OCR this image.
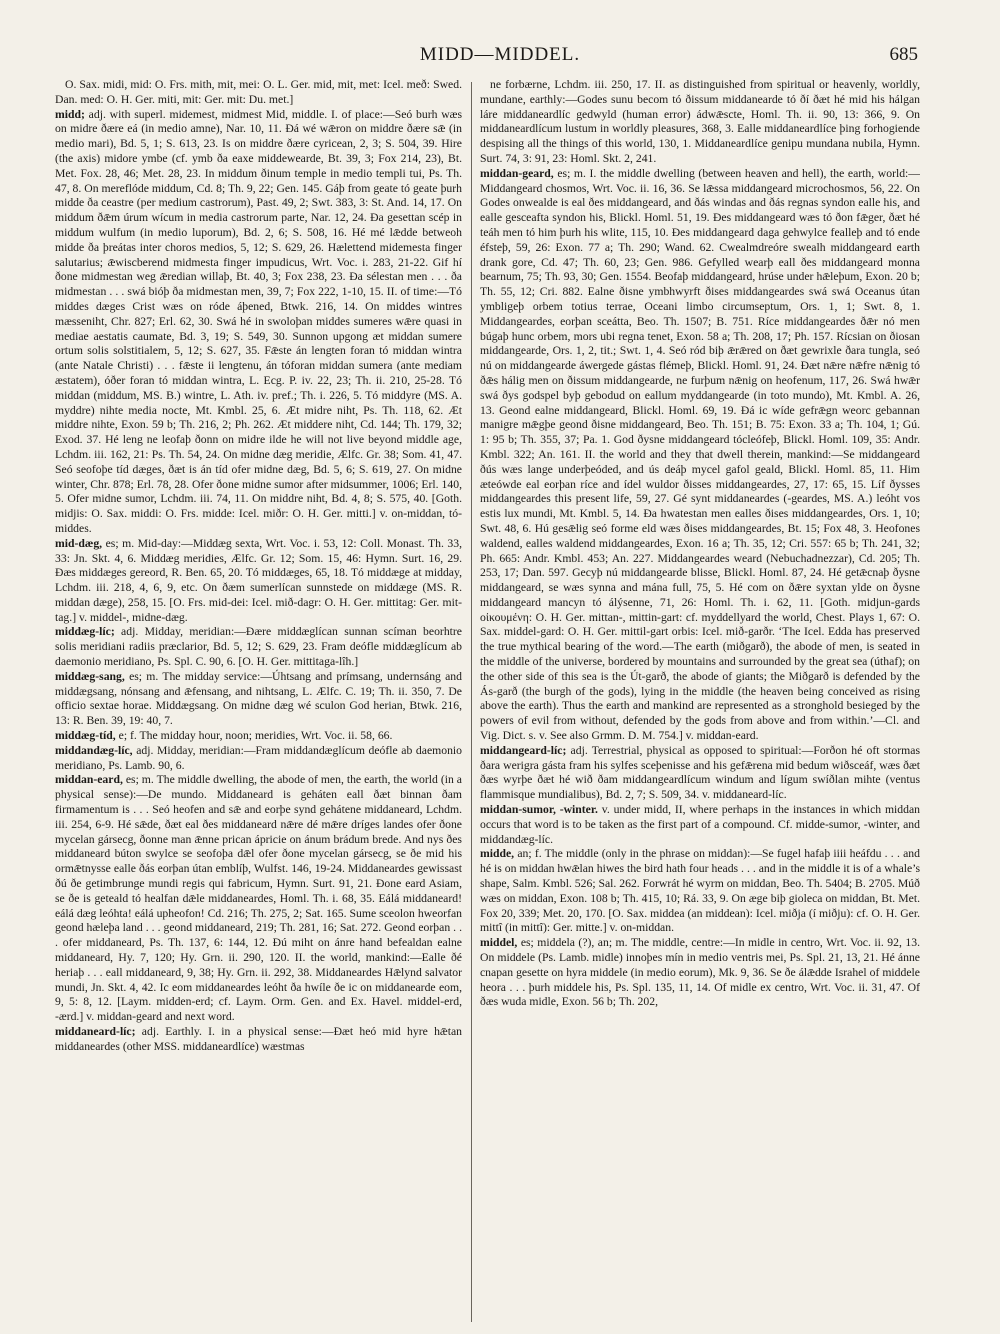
MIDD—MIDDEL.	685

O. Sax. midi, mid: O. Frs. mith, mit, mei: O. L. Ger. mid, mit, met: Icel. með: Swed. Dan. med: O. H. Ger. miti, mit: Ger. mit: Du. met.]

midd; adj. with superl. midemest, midmest Mid, middle. I. of place:—Seó burh wæs on midre ðære eá (in medio amne), Nar. 10, 11. Ðá wé wǣron on middre ðære sǣ (in medio mari), Bd. 5, 1; S. 613, 23. Is on middre ðære cyricean, 2, 3; S. 504, 39. Hire (the axis) midore ymbe (cf. ymb ða eaxe middewearde, Bt. 39, 3; Fox 214, 23), Bt. Met. Fox. 28, 46; Met. 28, 23. In middum ðinum temple in medio templi tui, Ps. Th. 47, 8. On mereflóde middum, Cd. 8; Th. 9, 22; Gen. 145. Gáþ from geate tó geate þurh midde ða ceastre (per medium castrorum), Past. 49, 2; Swt. 383, 3: St. And. 14, 17. On middum ðǣm úrum wícum in media castrorum parte, Nar. 12, 24. Ða gesettan scép in middum wulfum (in medio luporum), Bd. 2, 6; S. 508, 16. Hé mé lǣdde betweoh midde ða þreátas inter choros medios, 5, 12; S. 629, 26. Hælettend midemesta finger salutarius; ǣwiscberend midmesta finger impudicus, Wrt. Voc. i. 283, 21-22. Gif hí ðone midmestan weg ǣredian willaþ, Bt. 40, 3; Fox 238, 23. Ða sélestan men . . . ða midmestan . . . swá bióþ ða midmestan men, 39, 7; Fox 222, 1-10, 15. II. of time:—Tó middes dæges Crist wæs on róde áþened, Btwk. 216, 14. On middes wintres mæsseniht, Chr. 827; Erl. 62, 30. Swá hé in swoloþan middes sumeres wǣre quasi in mediae aestatis caumate, Bd. 3, 19; S. 549, 30. Sunnon upgong æt middan sumere ortum solis solstitialem, 5, 12; S. 627, 35. Fǣste án lengten foran tó middan wintra (ante Natale Christi) . . . fǣste ii lengtenu, án tóforan middan sumera (ante mediam æstatem), óðer foran tó middan wintra, L. Ecg. P. iv. 22, 23; Th. ii. 210, 25-28. Tó middan (middum, MS. B.) wintre, L. Ath. iv. pref.; Th. i. 226, 5. Tó middyre (MS. A. myddre) nihte media nocte, Mt. Kmbl. 25, 6. Æt midre niht, Ps. Th. 118, 62. Æt middre nihte, Exon. 59 b; Th. 216, 2; Ph. 262. Æt middere niht, Cd. 144; Th. 179, 32; Exod. 37. Hé leng ne leofaþ ðonn on midre ilde he will not live beyond middle age, Lchdm. iii. 162, 21: Ps. Th. 54, 24. On midne dæg meridie, Ælfc. Gr. 38; Som. 41, 47. Seó seofoþe tíd dæges, ðæt is án tíd ofer midne dæg, Bd. 5, 6; S. 619, 27. On midne winter, Chr. 878; Erl. 78, 28. Ofer ðone midne sumor after midsummer, 1006; Erl. 140, 5. Ofer midne sumor, Lchdm. iii. 74, 11. On middre niht, Bd. 4, 8; S. 575, 40. [Goth. midjis: O. Sax. middi: O. Frs. midde: Icel. miðr: O. H. Ger. mitti.] v. on-middan, tó-middes.

mid-dæg, es; m. Mid-day:—Middæg sexta, Wrt. Voc. i. 53, 12: Coll. Monast. Th. 33, 33: Jn. Skt. 4, 6. Middæg meridies, Ælfc. Gr. 12; Som. 15, 46: Hymn. Surt. 16, 29. Ðæs middæges gereord, R. Ben. 65, 20. Tó middæges, 65, 18. Tó middæge at midday, Lchdm. iii. 218, 4, 6, 9, etc. On ðæm sumerlícan sunnstede on middæge (MS. R. middan dæge), 258, 15. [O. Frs. mid-dei: Icel. mið-dagr: O. H. Ger. mittitag: Ger. mit-tag.] v. middel-, midne-dæg.

middæg-líc; adj. Midday, meridian:—Ðære middæglícan sunnan scíman beorhtre solis meridiani radiis præclarior, Bd. 5, 12; S. 629, 23. Fram deófle middæglícum ab daemonio meridiano, Ps. Spl. C. 90, 6. [O. H. Ger. mittitaga-lîh.]

middæg-sang, es; m. The midday service:—Úhtsang and prímsang, undernsáng and middægsang, nónsang and ǣfensang, and nihtsang, L. Ælfc. C. 19; Th. ii. 350, 7. De officio sextae horae. Middægsang. On midne dæg wé sculon God herian, Btwk. 216, 13: R. Ben. 39, 19: 40, 7.

middæg-tíd, e; f. The midday hour, noon; meridies, Wrt. Voc. ii. 58, 66.

middandæg-líc, adj. Midday, meridian:—Fram middandæglícum deófle ab daemonio meridiano, Ps. Lamb. 90, 6.

middan-eard, es; m. The middle dwelling, the abode of men, the earth, the world (in a physical sense):—De mundo. Middaneard is geháten eall ðæt binnan ðam firmamentum is . . . Seó heofen and sǣ and eorþe synd gehátene middaneard, Lchdm. iii. 254, 6-9. Hé sǣde, ðæt eal ðes middaneard nǣre dé mǣre dríges landes ofer ðone mycelan gársecg, ðonne man ǣnne prican ápricie on ánum brádum brede. And nys ðes middaneard búton swylce se seofoþa dǣl ofer ðone mycelan gársecg, se ðe mid his ormǣtnysse ealle ðás eorþan útan emblíþ, Wulfst. 146, 19-24. Middaneardes gewissast ðú ðe getimbrunge mundi regis qui fabricum, Hymn. Surt. 91, 21. Ðone eard Asiam, se ðe is geteald tó healfan dǣle middaneardes, Homl. Th. i. 68, 35. Eálá middaneard! eálá dæg leóhta! eálá upheofon! Cd. 216; Th. 275, 2; Sat. 165. Sume sceolon hweorfan geond hæleþa land . . . geond middaneard, 219; Th. 281, 16; Sat. 272. Geond eorþan . . . ofer middaneard, Ps. Th. 137, 6: 144, 12. Ðú miht on ánre hand befealdan ealne middaneard, Hy. 7, 120; Hy. Grn. ii. 290, 120. II. the world, mankind:—Ealle ðé heriaþ . . . eall middaneard, 9, 38; Hy. Grn. ii. 292, 38. Middaneardes Hǣlynd salvator mundi, Jn. Skt. 4, 42. Ic eom middaneardes leóht ða hwíle ðe ic on middanearde eom, 9, 5: 8, 12. [Laym. midden-erd; cf. Laym. Orm. Gen. and Ex. Havel. middel-erd, -ærd.] v. middan-geard and next word.

middaneard-líc; adj. Earthly. I. in a physical sense:—Ðæt heó mid hyre hǣtan middaneardes (other MSS. middaneardlíce) wæstmas

ne forbærne, Lchdm. iii. 250, 17. II. as distinguished from spiritual or heavenly, worldly, mundane, earthly:—Godes sunu becom tó ðissum middanearde tó ðí ðæt hé mid his hálgan láre middaneardlíc gedwyld (human error) ádwǣscte, Homl. Th. ii. 90, 13: 366, 9. On middaneardlícum lustum in worldly pleasures, 368, 3. Ealle middaneardlíce þing forhogiende despising all the things of this world, 130, 1. Middaneardlíce genipu mundana nubila, Hymn. Surt. 74, 3: 91, 23: Homl. Skt. 2, 241.

middan-geard, es; m. I. the middle dwelling (between heaven and hell), the earth, world:—Middangeard chosmos, Wrt. Voc. ii. 16, 36. Se lǣssa middangeard microchosmos, 56, 22. On Godes onwealde is eal ðes middangeard, and ðás windas and ðás regnas syndon ealle his, and ealle gesceafta syndon his, Blickl. Homl. 51, 19. Ðes middangeard wæs tó ðon fǣger, ðæt hé teáh men tó him þurh his wlite, 115, 10. Ðes middangeard daga gehwylce feallеþ and tó ende éfsteþ, 59, 26: Exon. 77 a; Th. 290; Wand. 62. Cwealmdreóre swealh middangeard earth drank gore, Cd. 47; Th. 60, 23; Gen. 986. Gefylled wearþ eall ðes middangeard monna bearnum, 75; Th. 93, 30; Gen. 1554. Beofaþ middangeard, hrúse under hǣleþum, Exon. 20 b; Th. 55, 12; Cri. 882. Ealne ðisne ymbhwyrft ðises middangeardes swá swá Oceanus útan ymbligeþ orbem totius terrae, Oceani limbo circumseptum, Ors. 1, 1; Swt. 8, 1. Middangeardes, eorþan sceátta, Beo. Th. 1507; B. 751. Ríce middangeardes ðǣr nó men búgaþ hunc orbem, mors ubi regna tenet, Exon. 58 a; Th. 208, 17; Ph. 157. Rícsian on ðiosan middangearde, Ors. 1, 2, tit.; Swt. 1, 4. Seó ród biþ ǣrǣred on ðæt gewrixle ðara tungla, seó nú on middangearde áwergede gástas flémeþ, Blickl. Homl. 91, 24. Ðæt nǣre nǣfre nǣnig tó ðǣs hálig men on ðissum middangearde, ne furþum nǣnig on heofenum, 117, 26. Swá hwǣr swá ðys godspel byþ gebodud on eallum myddangearde (in toto mundo), Mt. Kmbl. A. 26, 13. Geond ealne middangeard, Blickl. Homl. 69, 19. Ðá ic wíde gefrǣgn weorc gebannan manigre mǣgþe geond ðisne middangeard, Beo. Th. 151; B. 75: Exon. 33 a; Th. 104, 1; Gú. 1: 95 b; Th. 355, 37; Pa. 1. God ðysne middangeard tócleófeþ, Blickl. Homl. 109, 35: Andr. Kmbl. 322; An. 161. II. the world and they that dwell therein, mankind:—Se middangeard ðús wæs lange underþeóded, and ús deáþ mycel gafol geald, Blickl. Homl. 85, 11. Him æteówde eal eorþan ríce and ídel wuldor ðisses middangeardes, 27, 17: 65, 15. Líf ðysses middangeardes this present life, 59, 27. Gé synt middaneardes (-geardes, MS. A.) leóht vos estis lux mundi, Mt. Kmbl. 5, 14. Ða hwatestan men ealles ðises middangeardes, Ors. 1, 10; Swt. 48, 6. Hú gesǣlig seó forme eld wæs ðises middangeardes, Bt. 15; Fox 48, 3. Heofones waldend, ealles waldend middangeardes, Exon. 16 a; Th. 35, 12; Cri. 557: 65 b; Th. 241, 32; Ph. 665: Andr. Kmbl. 453; An. 227. Middangeardes weard (Nebuchadnezzar), Cd. 205; Th. 253, 17; Dan. 597. Gecyþ nú middangearde blisse, Blickl. Homl. 87, 24. Hé getǣcnaþ ðysne middangeard, se wæs synna and mána full, 75, 5. Hé com on ðǣre syxtan ylde on ðysne middangeard mancyn tó álýsenne, 71, 26: Homl. Th. i. 62, 11. [Goth. midjun-gards οἰκουμένη: O. H. Ger. mittan-, mittin-gart: cf. myddellyard the world, Chest. Plays 1, 67: O. Sax. middel-gard: O. H. Ger. mittil-gart orbis: Icel. mið-garðr. ‘The Icel. Edda has preserved the true mythical bearing of the word.—The earth (miðgarð), the abode of men, is seated in the middle of the universe, bordered by mountains and surrounded by the great sea (úthaf); on the other side of this sea is the Út-garð, the abode of giants; the Miðgarð is defended by the Ás-garð (the burgh of the gods), lying in the middle (the heaven being conceived as rising above the earth). Thus the earth and mankind are represented as a stronghold besieged by the powers of evil from without, defended by the gods from above and from within.’—Cl. and Vig. Dict. s. v. See also Grmm. D. M. 754.] v. middan-eard.

middangeard-líc; adj. Terrestrial, physical as opposed to spiritual:—Forðon hé oft stormas ðara werigra gásta fram his sylfes sceþenisse and his gefǣrena mid bedum wiðsceáf, wæs ðæt ðæs wyrþe ðæt hé wið ðam middangeardlícum windum and lígum swíðlan mihte (ventus flammisque mundialibus), Bd. 2, 7; S. 509, 34. v. middaneard-líc.

middan-sumor, -winter. v. under midd, II, where perhaps in the instances in which middan occurs that word is to be taken as the first part of a compound. Cf. midde-sumor, -winter, and middandæg-líc.

midde, an; f. The middle (only in the phrase on middan):—Se fugel hafaþ iiii heáfdu . . . and hé is on middan hwǣlan hiwes the bird hath four heads . . . and in the middle it is of a whale’s shape, Salm. Kmbl. 526; Sal. 262. Forwrát hé wyrm on middan, Beo. Th. 5404; B. 2705. Múð wæs on middan, Exon. 108 b; Th. 415, 10; Rá. 33, 9. On æge biþ gioleca on middan, Bt. Met. Fox 20, 339; Met. 20, 170. [O. Sax. middea (an middean): Icel. miðja (í miðju): cf. O. H. Ger. mittî (in mittî): Ger. mitte.] v. on-middan.

middel, es; middela (?), an; m. The middle, centre:—In midle in centro, Wrt. Voc. ii. 92, 13. On middele (Ps. Lamb. midle) innoþеs mín in medio ventris mei, Ps. Spl. 21, 13, 21. Hé ánne cnapan gesette on hyra middele (in medio eorum), Mk. 9, 36. Se ðe álǣdde Israhel of middele heora . . . þurh middele his, Ps. Spl. 135, 11, 14. Of midle ex centro, Wrt. Voc. ii. 31, 47. Of ðæs wuda midle, Exon. 56 b; Th. 202,
